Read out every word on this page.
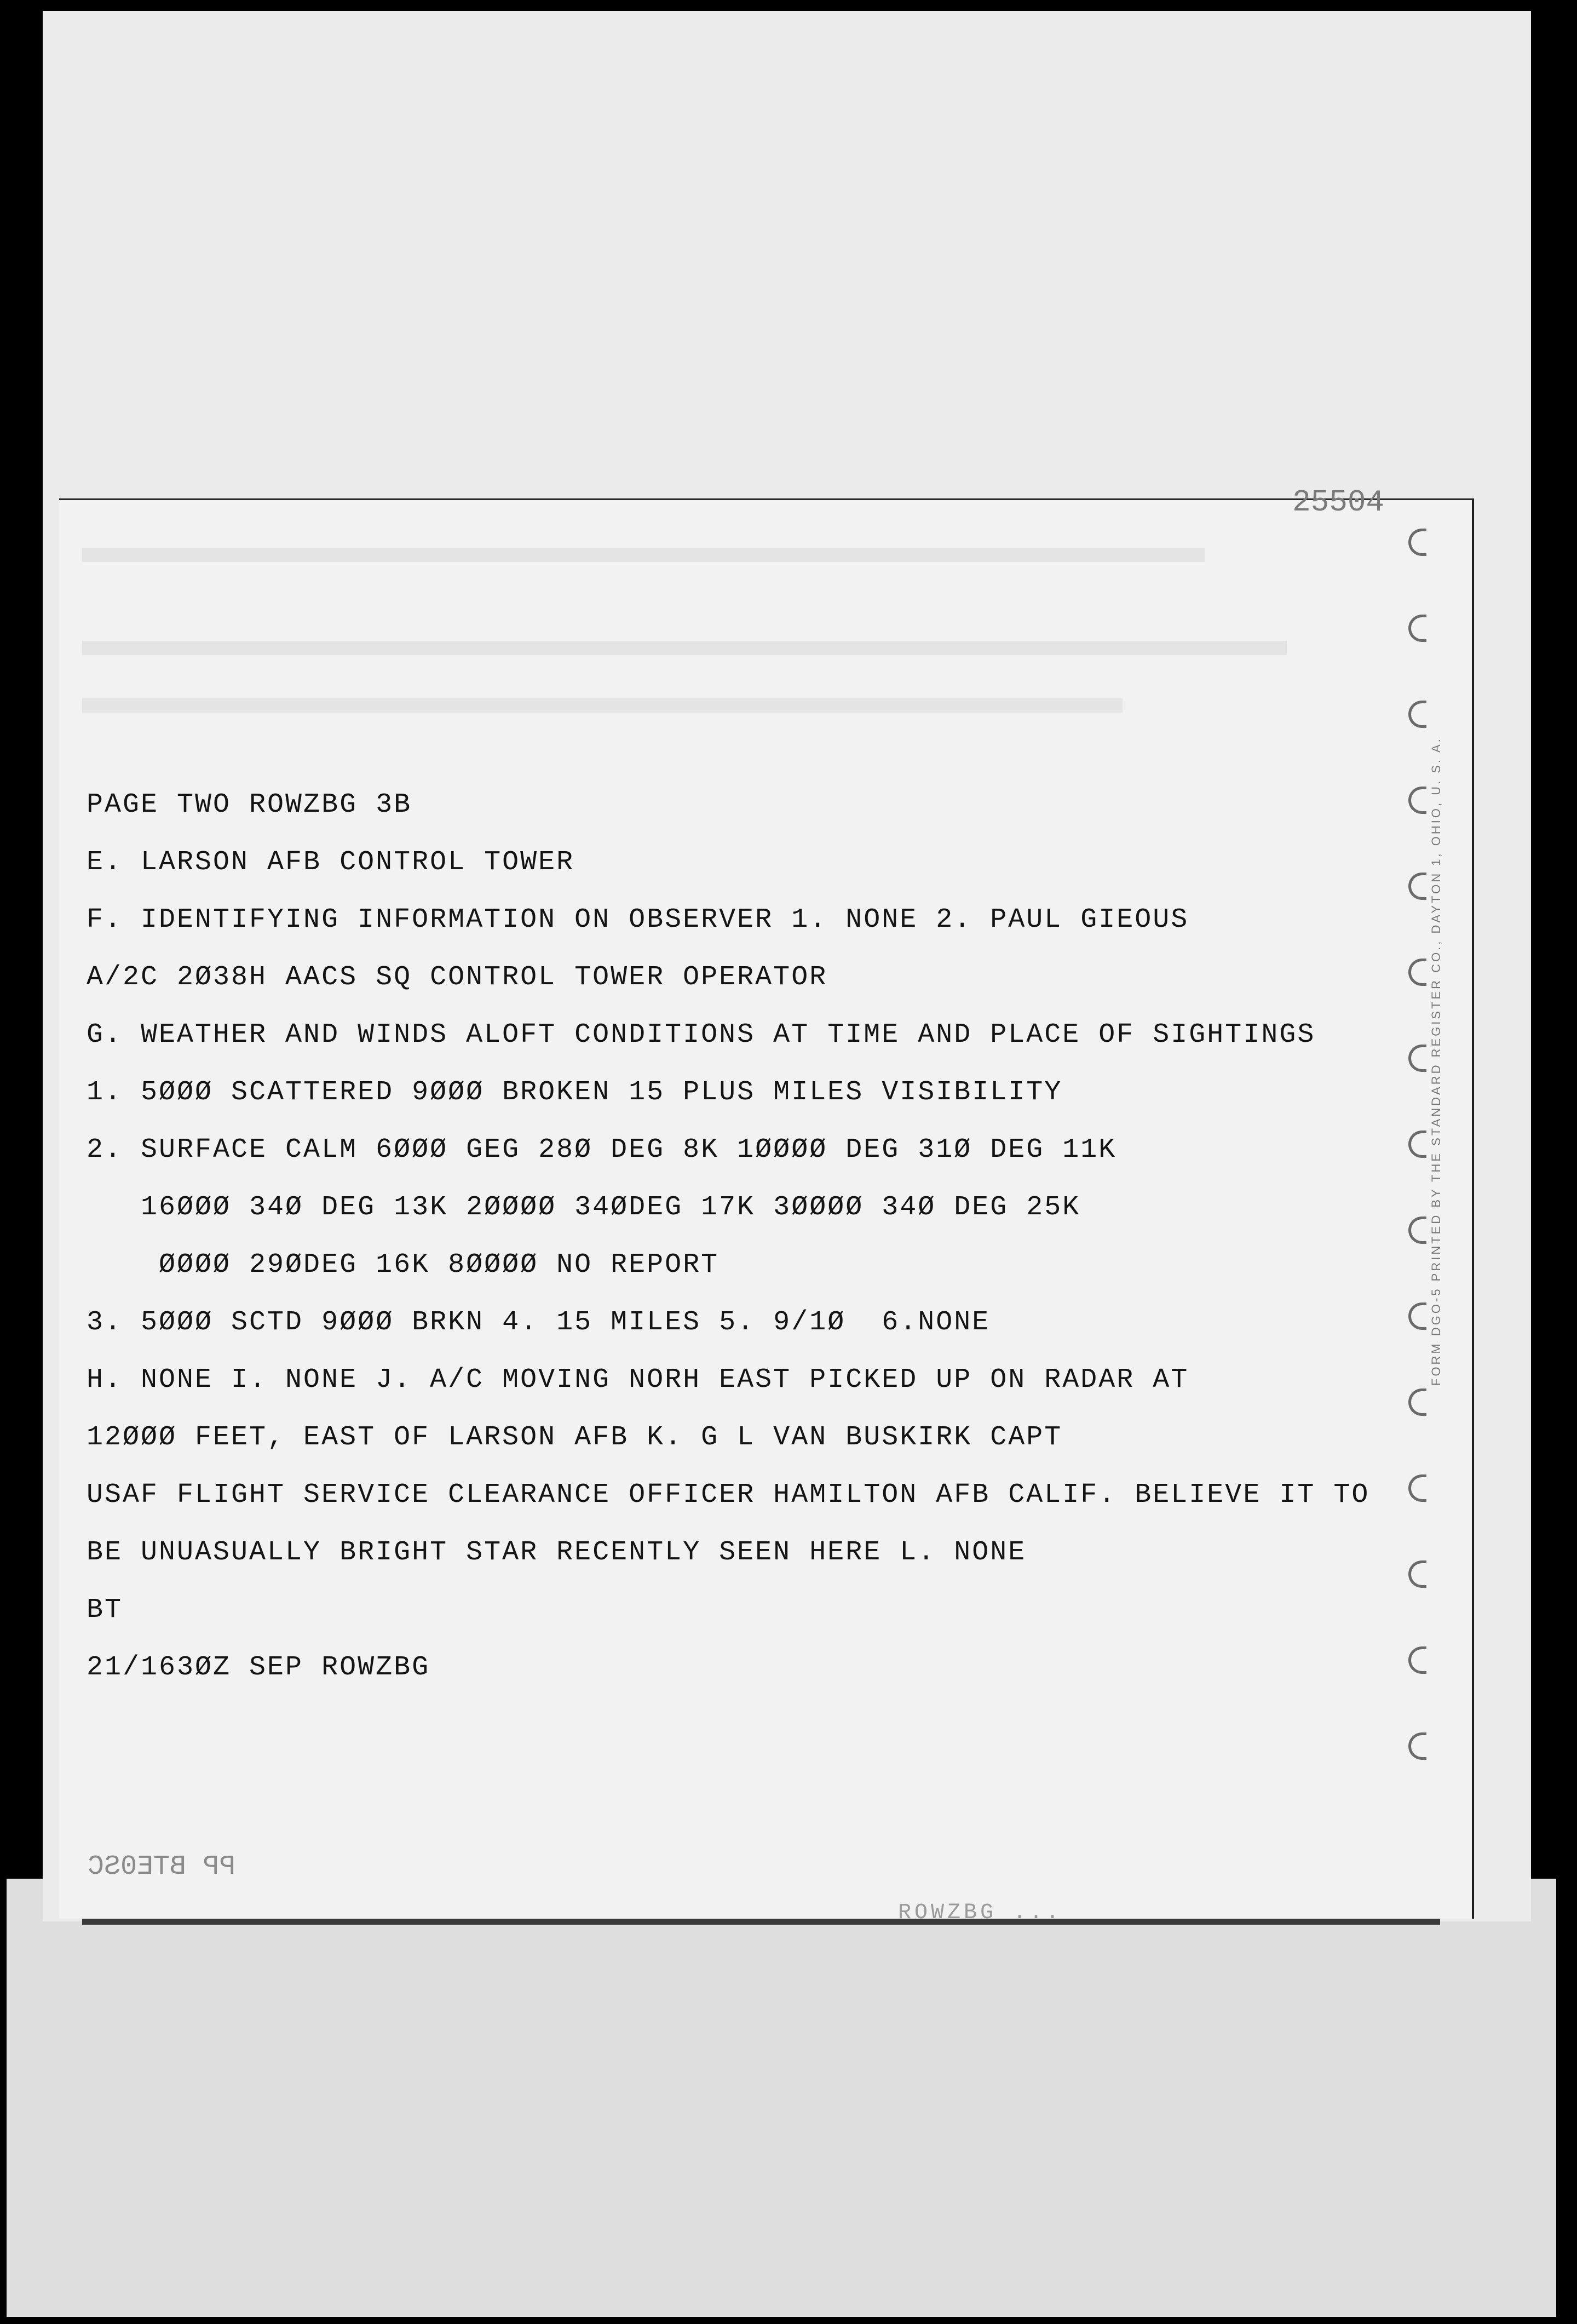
25504
FORM DGO-5 PRINTED BY THE STANDARD REGISTER CO., DAYTON 1, OHIO, U. S. A.
PAGE TWO ROWZBG 3B
E. LARSON AFB CONTROL TOWER
F. IDENTIFYING INFORMATION ON OBSERVER 1. NONE 2. PAUL GIEOUS
A/2C 2Ø38H AACS SQ CONTROL TOWER OPERATOR
G. WEATHER AND WINDS ALOFT CONDITIONS AT TIME AND PLACE OF SIGHTINGS
1. 5ØØØ SCATTERED 9ØØØ BROKEN 15 PLUS MILES VISIBILITY
2. SURFACE CALM 6ØØØ GEG 28Ø DEG 8K 1ØØØØ DEG 31Ø DEG 11K
16ØØØ 34Ø DEG 13K 2ØØØØ 34ØDEG 17K 3ØØØØ 34Ø DEG 25K
ØØØØ 29ØDEG 16K 8ØØØØ NO REPORT
3. 5ØØØ SCTD 9ØØØ BRKN 4. 15 MILES 5. 9/1Ø  6.NONE
H. NONE I. NONE J. A/C MOVING NORH EAST PICKED UP ON RADAR AT
12ØØØ FEET, EAST OF LARSON AFB K. G L VAN BUSKIRK CAPT
USAF FLIGHT SERVICE CLEARANCE OFFICER HAMILTON AFB CALIF. BELIEVE IT TO
BE UNUASUALLY BRIGHT STAR RECENTLY SEEN HERE L. NONE
BT
21/163ØZ SEP ROWZBG
PP BTE0SC
ROWZBG ...
